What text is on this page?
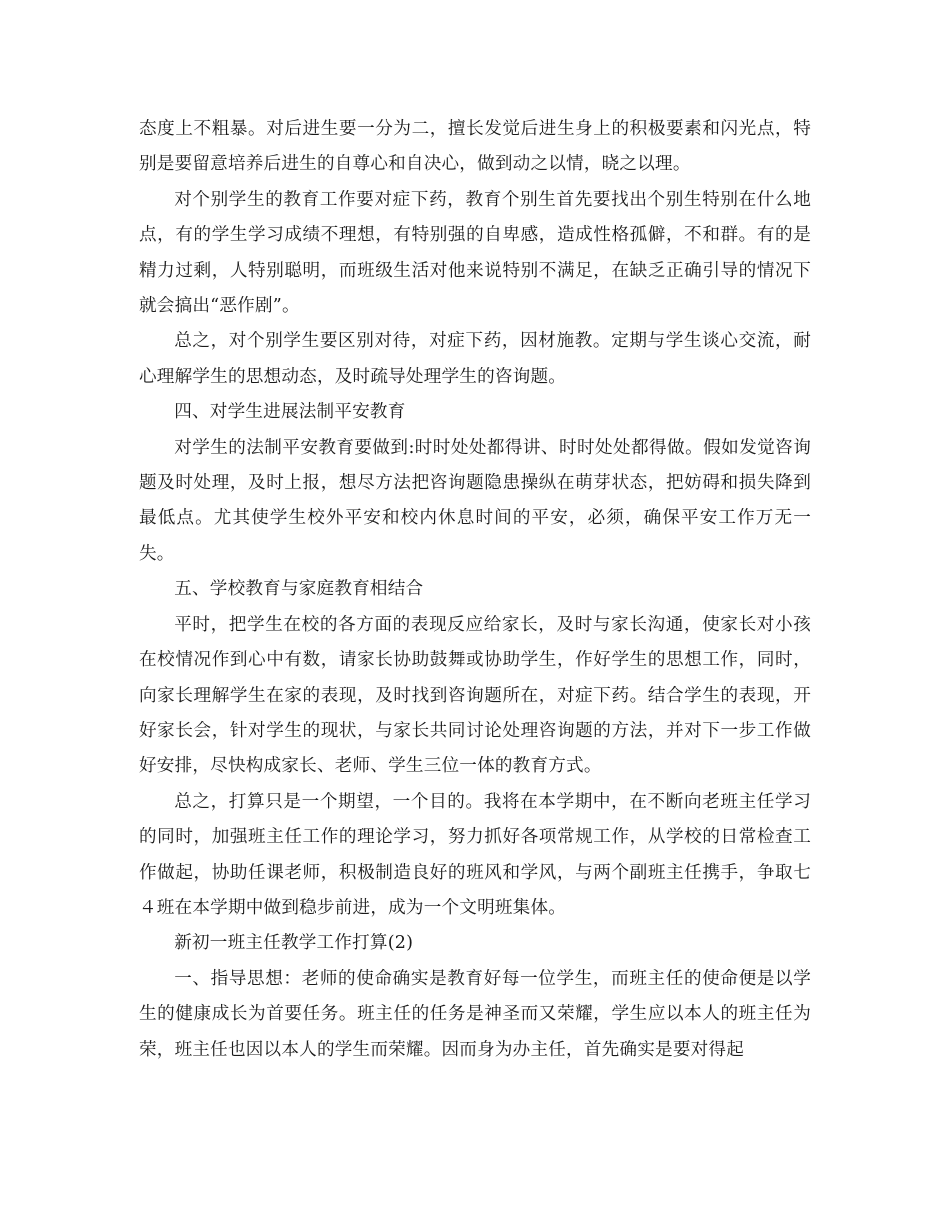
态度上不粗暴。对后进生要一分为二，擅长发觉后进生身上的积极要素和闪光点，特别是要留意培养后进生的自尊心和自决心，做到动之以情，晓之以理。

对个别学生的教育工作要对症下药，教育个别生首先要找出个别生特别在什么地点，有的学生学习成绩不理想，有特别强的自卑感，造成性格孤僻，不和群。有的是精力过剩，人特别聪明，而班级生活对他来说特别不满足，在缺乏正确引导的情况下就会搞出“恶作剧”。

总之，对个别学生要区别对待，对症下药，因材施教。定期与学生谈心交流，耐心理解学生的思想动态，及时疏导处理学生的咨询题。

四、对学生进展法制平安教育

对学生的法制平安教育要做到:时时处处都得讲、时时处处都得做。假如发觉咨询题及时处理，及时上报，想尽方法把咨询题隐患操纵在萌芽状态，把妨碍和损失降到最低点。尤其使学生校外平安和校内休息时间的平安，必须，确保平安工作万无一失。

五、学校教育与家庭教育相结合

平时，把学生在校的各方面的表现反应给家长，及时与家长沟通，使家长对小孩在校情况作到心中有数，请家长协助鼓舞或协助学生，作好学生的思想工作，同时，向家长理解学生在家的表现，及时找到咨询题所在，对症下药。结合学生的表现，开好家长会，针对学生的现状，与家长共同讨论处理咨询题的方法，并对下一步工作做好安排，尽快构成家长、老师、学生三位一体的教育方式。

总之，打算只是一个期望，一个目的。我将在本学期中，在不断向老班主任学习的同时，加强班主任工作的理论学习，努力抓好各项常规工作，从学校的日常检查工作做起，协助任课老师，积极制造良好的班风和学风，与两个副班主任携手，争取七４班在本学期中做到稳步前进，成为一个文明班集体。

新初一班主任教学工作打算(2)

一、指导思想：老师的使命确实是教育好每一位学生，而班主任的使命便是以学生的健康成长为首要任务。班主任的任务是神圣而又荣耀，学生应以本人的班主任为荣，班主任也因以本人的学生而荣耀。因而身为办主任，首先确实是要对得起
